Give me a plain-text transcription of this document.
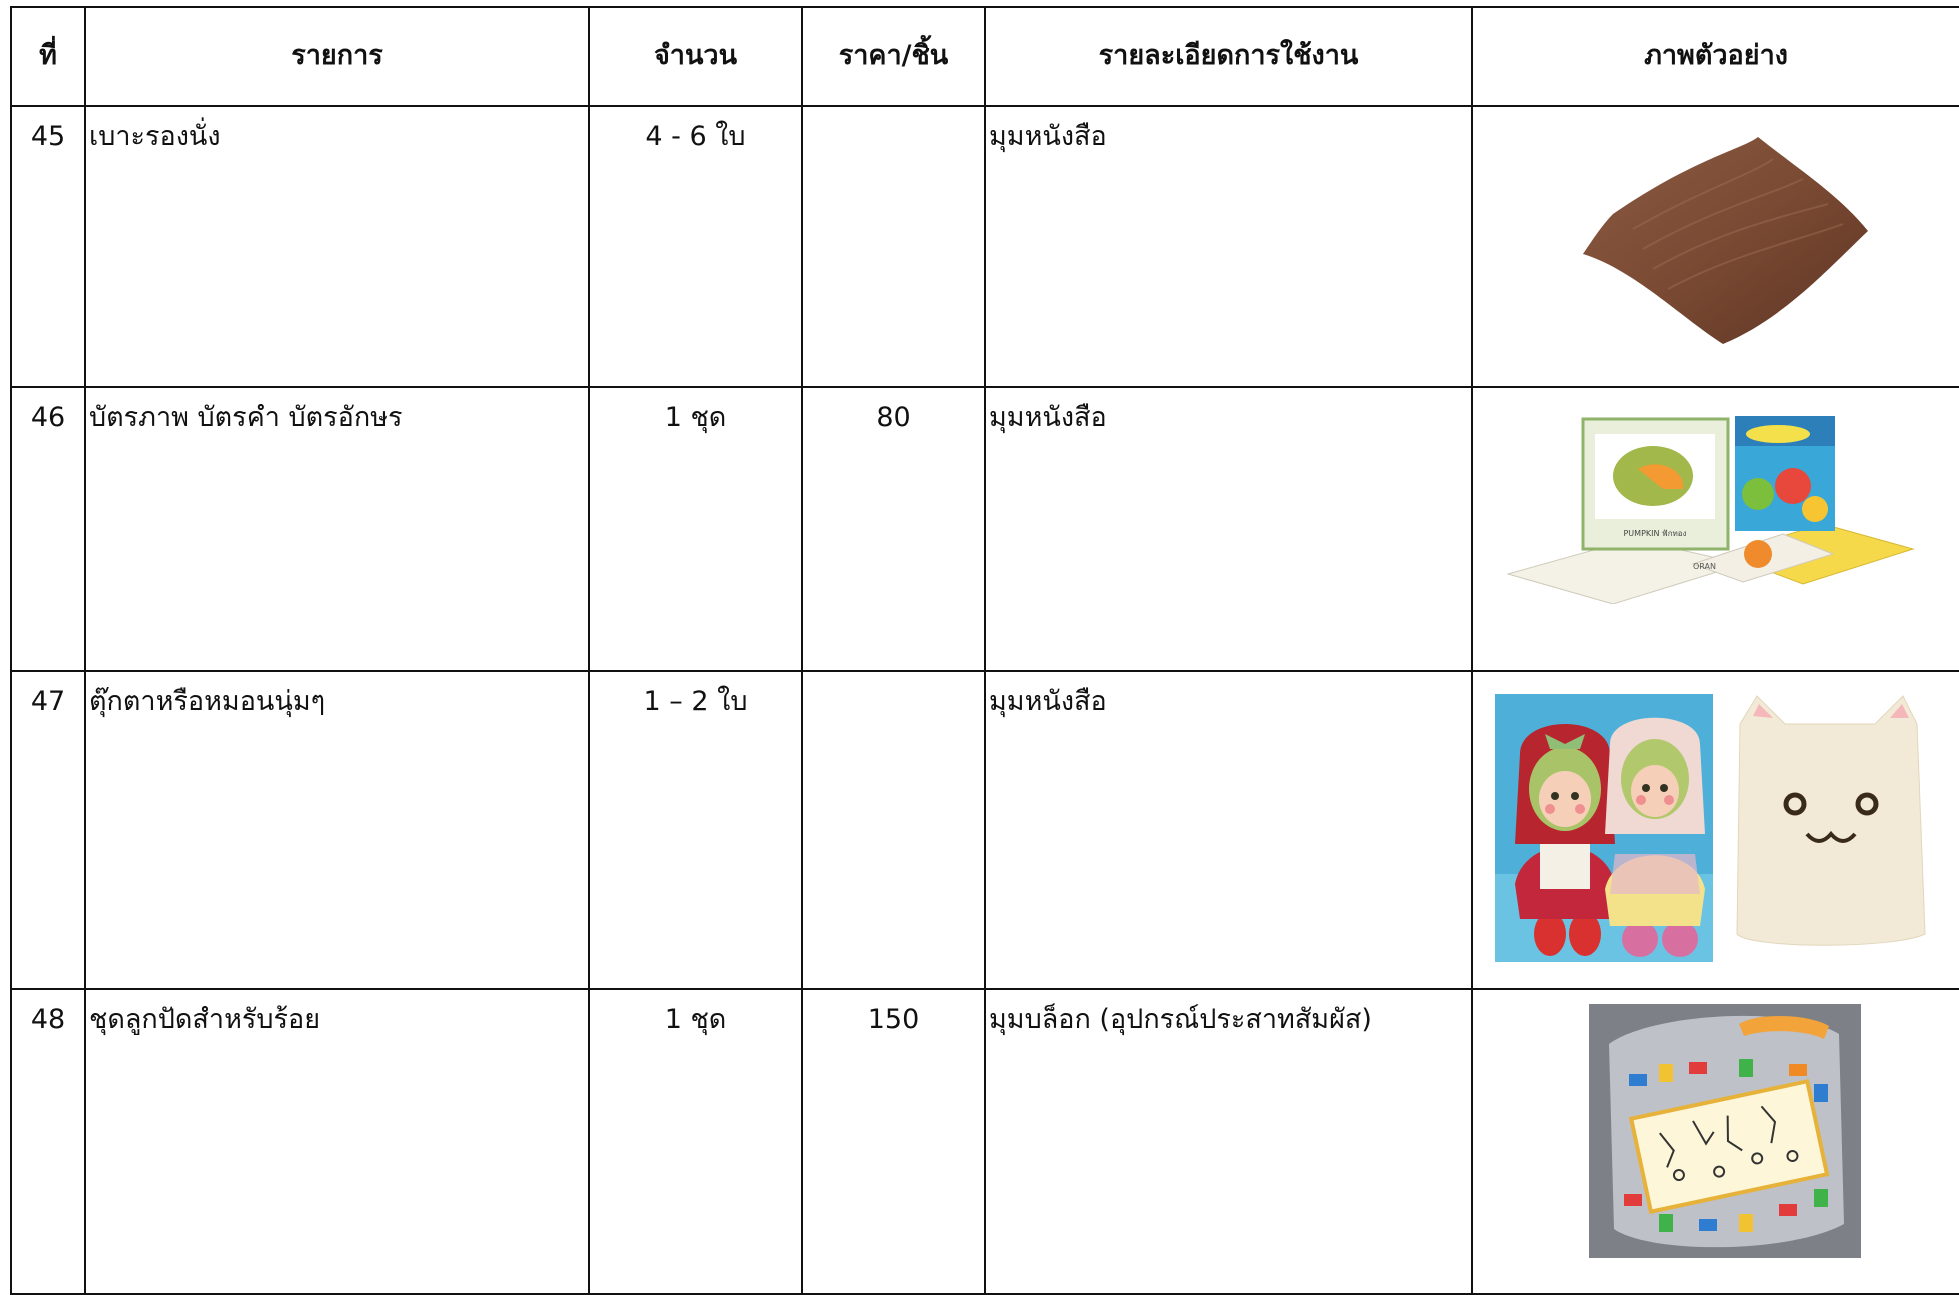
ที่	รายการ	จำนวน	ราคา/ชิ้น	รายละเอียดการใช้งาน	ภาพตัวอย่าง
45	เบาะรองนั่ง	4 - 6 ใบ		มุมหนังสือ	

46	บัตรภาพ บัตรคำ บัตรอักษร	1 ชุด	80	มุมหนังสือ	ORAN
PUMPKIN ฟักทอง

47	ตุ๊กตาหรือหมอนนุ่มๆ	1 – 2 ใบ		มุมหนังสือ	

48	ชุดลูกปัดสำหรับร้อย	1 ชุด	150	มุมบล็อก (อุปกรณ์ประสาทสัมผัส)	
